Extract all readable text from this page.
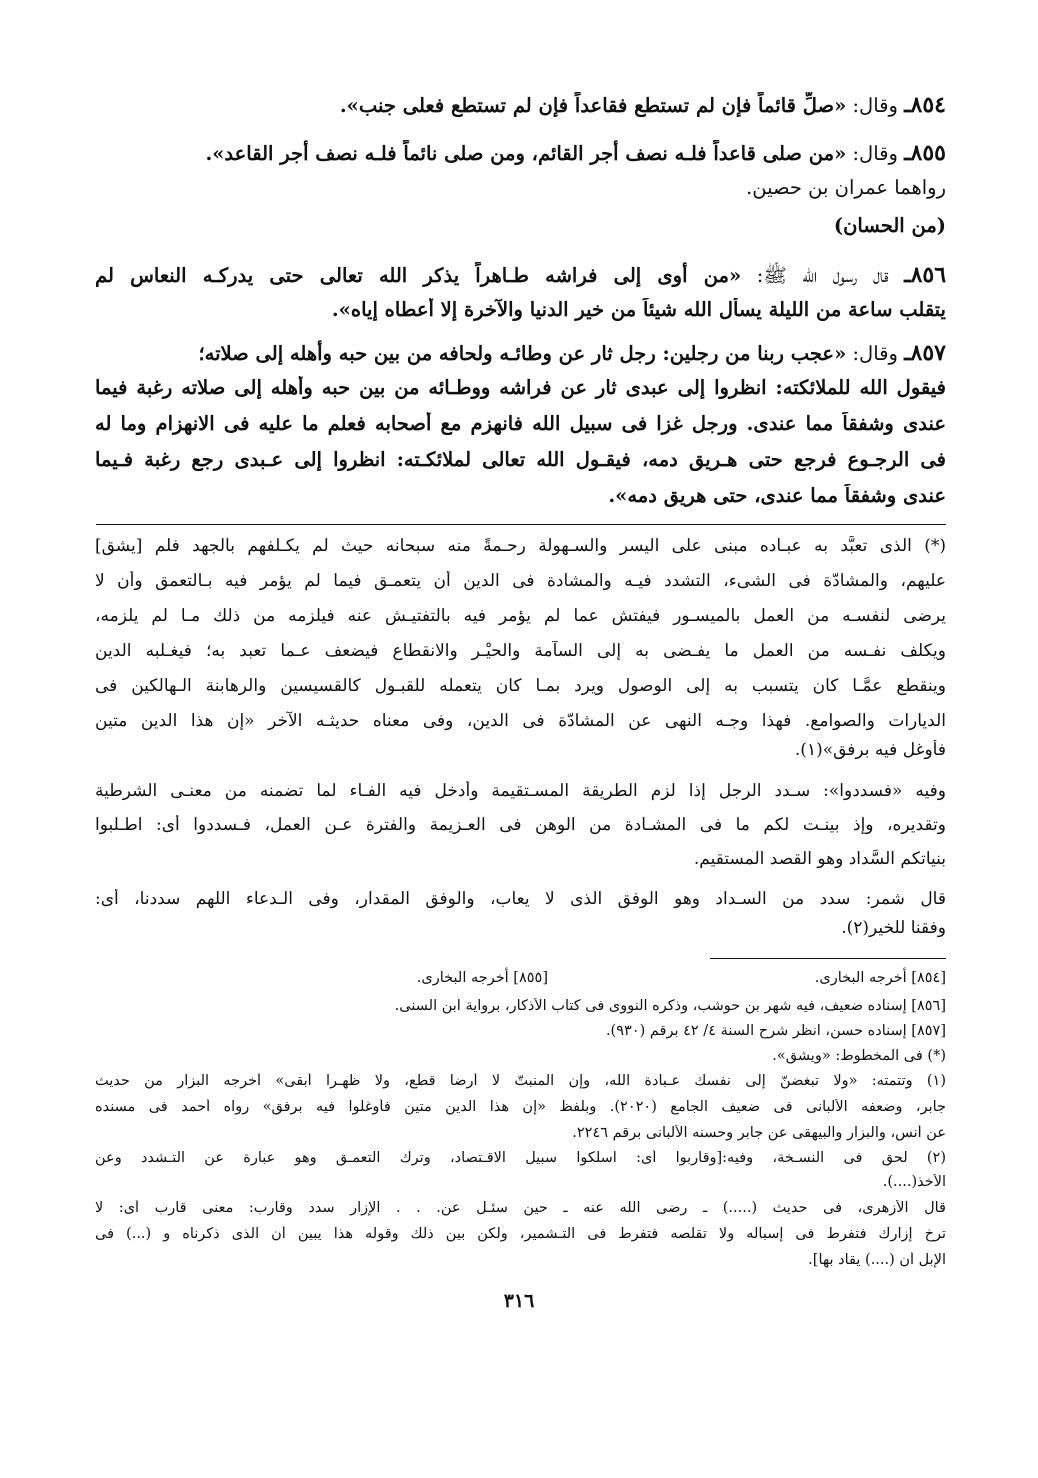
٨٥٤ـ وقال: «صلِّ قائماً فإن لم تستطع فقاعداً فإن لم تستطع فعلى جنب».
٨٥٥ـ وقال: «من صلى قاعداً فلـه نصف أجر القائم، ومن صلى نائماً فلـه نصف أجر القاعد».
رواهما عمران بن حصين.
(من الحسان)
٨٥٦ـ قال رسول الله ﷺ: «من أوى إلى فراشه طـاهراً يذكر الله تعالى حتى يدركـه النعاس لم
يتقلب ساعة من الليلة يسأل الله شيئاً من خير الدنيا والآخرة إلا أعطاه إياه».
٨٥٧ـ وقال: «عجب ربنا من رجلين: رجل ثار عن وطائـه ولحافه من بين حبه وأهله إلى صلاته؛
فيقول الله للملائكته: انظروا إلى عبدى ثار عن فراشه ووطـائه من بين حبه وأهله إلى صلاته رغبة فيما
عندى وشفقاً مما عندى. ورجل غزا فى سبيل الله فانهزم مع أصحابه فعلم ما عليه فى الانهزام وما له
فى الرجـوع فرجع حتى هـريق دمه، فيقـول الله تعالى لملائكـته: انظروا إلى عـبدى رجع رغبة فـيما
عندى وشفقاً مما عندى، حتى هريق دمه».
(*) الذى تعبَّد به عبـاده مبنى على اليسر والسـهولة رحـمةً منه سبحانه حيث لم يكـلفهم بالجهد فلم [يشق]
عليهم، والمشادّة فى الشىء، التشدد فيـه والمشادة فى الدين أن يتعمـق فيما لم يؤمر فيه بـالتعمق وأن لا
يرضى لنفسـه من العمل بالميسـور فيفتش عما لم يؤمر فيه بالتفتيـش عنه فيلزمه من ذلك مـا لم يلزمه،
ويكلف نفـسه من العمل ما يفـضى به إلى السآمة والحيْـر والانقطاع فيضعف عـما تعبد به؛ فيغـلبه الدين
وينقطع عمَّـا كان يتسبب به إلى الوصول ويرد بمـا كان يتعمله للقبـول كالقسيسين والرهابنة الـهالكين فى
الديارات والصوامع. فهذا وجـه النهى عن المشادّة فى الدين، وفى معناه حديثـه الآخر «إن هذا الدين متين
فأوغل فيه برفق»(١).
وفيه «فسددوا»: سـدد الرجل إذا لزم الطريقة المسـتقيمة وأدخل فيه الفـاء لما تضمنه من معنـى الشرطية
وتقديره، وإذ بينـت لكم ما فى المشـادة من الوهن فى العـزيمة والفترة عـن العمل، فـسددوا أى: اطـلبوا
بنياتكم السَّداد وهو القصد المستقيم.
قال شمر: سدد من السـداد وهو الوفق الذى لا يعاب، والوفق المقدار، وفى الـدعاء اللهم سددنا، أى:
وفقنا للخير(٢).
[٨٥٤] أخرجه البخارى.
[٨٥٥] أخرجه البخارى.
[٨٥٦] إسناده ضعيف، فيه شهر بن حوشب، وذكره النووى فى كتاب الأذكار، برواية ابن السنى.
[٨٥٧] إسناده حسن، انظر شرح السنة ٤/ ٤٢ برقم (٩٣٠).
(*) فى المخطوط: «ويشق».
(١) وتتمته: «ولا تبغضنّ إلى نفسك عـبادة الله، وإن المنبتّ لا أرضا قطع، ولا ظهـرا أبقى» أخرجه البزار من حديث
جابر، وضعفه الألبانى فى ضعيف الجامع (٢٠٢٠). وبلفظ «إن هذا الدين متين فأوغلوا فيه برفق» رواه أحمد فى مسنده
عن أنس، والبزار والبيهقى عن جابر وحسنه الألبانى برقم ٢٢٤٦.
(٢) لحق فى النسـخة، وفيه:[وقاربوا أى: اسلكوا سبيل الاقـتصاد، وترك التعمـق وهو عبارة عن التـشدد وعن
الأخذ(....).
قال الأزهرى، فى حديث (.....) ـ رضى الله عنه ـ حين سئـل عن. . . الإزار سدد وقارب: معنى قارب أى: لا
ترخ إزارك فتفرط فى إسباله ولا تقلصه فتفرط فى التـشمير، ولكن بين ذلك وقوله هذا يبين أن الذى ذكرناه و (...) فى
الإبل أن (....) يقاد بها].
٣١٦
